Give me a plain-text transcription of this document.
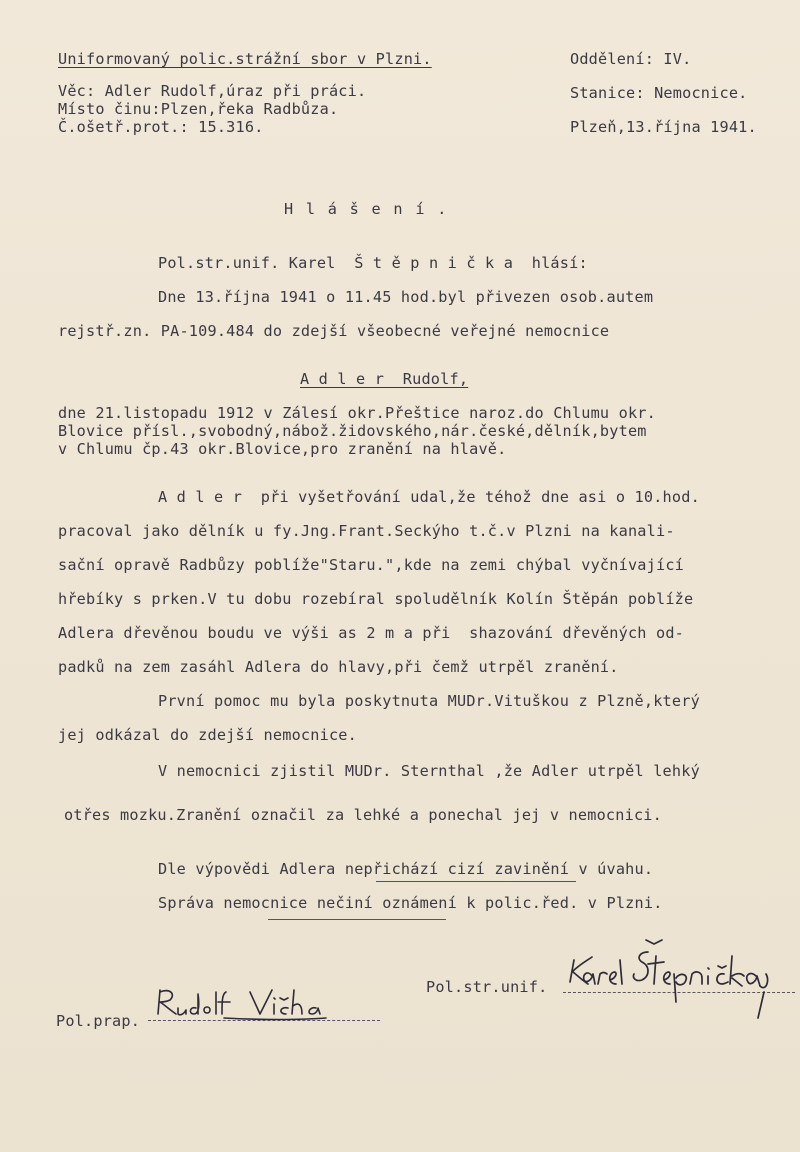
Uniformovaný polic.strážní sbor v Plzni.	Oddělení: IV.
Věc: Adler Rudolf,úraz při práci.	Stanice: Nemocnice.
Místo činu:Plzen,řeka Radbůza.
Č.ošetř.prot.: 15.316.	Plzeň,13.října 1941.
H l á š e n í .
Pol.str.unif. Karel  Š t ě p n i č k a  hlásí:
Dne 13.října 1941 o 11.45 hod.byl přivezen osob.autem
rejstř.zn. PA-109.484 do zdejší všeobecné veřejné nemocnice
A d l e r  Rudolf,
dne 21.listopadu 1912 v Zálesí okr.Přeštice naroz.do Chlumu okr.
Blovice přísl.,svobodný,nábož.židovského,nár.české,dělník,bytem
v Chlumu čp.43 okr.Blovice,pro zranění na hlavě.
A d l e r  při vyšetřování udal,že téhož dne asi o 10.hod.
pracoval jako dělník u fy.Jng.Frant.Seckýho t.č.v Plzni na kanali-
sační opravě Radbůzy poblíže"Staru.",kde na zemi chýbal vyčnívající
hřebíky s prken.V tu dobu rozebíral spoludělník Kolín Štěpán poblíže
Adlera dřevěnou boudu ve výši as 2 m a při  shazování dřevěných od-
padků na zem zasáhl Adlera do hlavy,při čemž utrpěl zranění.
První pomoc mu byla poskytnuta MUDr.Vituškou z Plzně,který
jej odkázal do zdejší nemocnice.
V nemocnici zjistil MUDr. Sternthal ,že Adler utrpěl lehký
otřes mozku.Zranění označil za lehké a ponechal jej v nemocnici.
Dle výpovědi Adlera nepřichází cizí zavinění v úvahu.
Správa nemocnice nečiní oznámení k polic.řed. v Plzni.
Pol.str.unif.
Pol.prap.
